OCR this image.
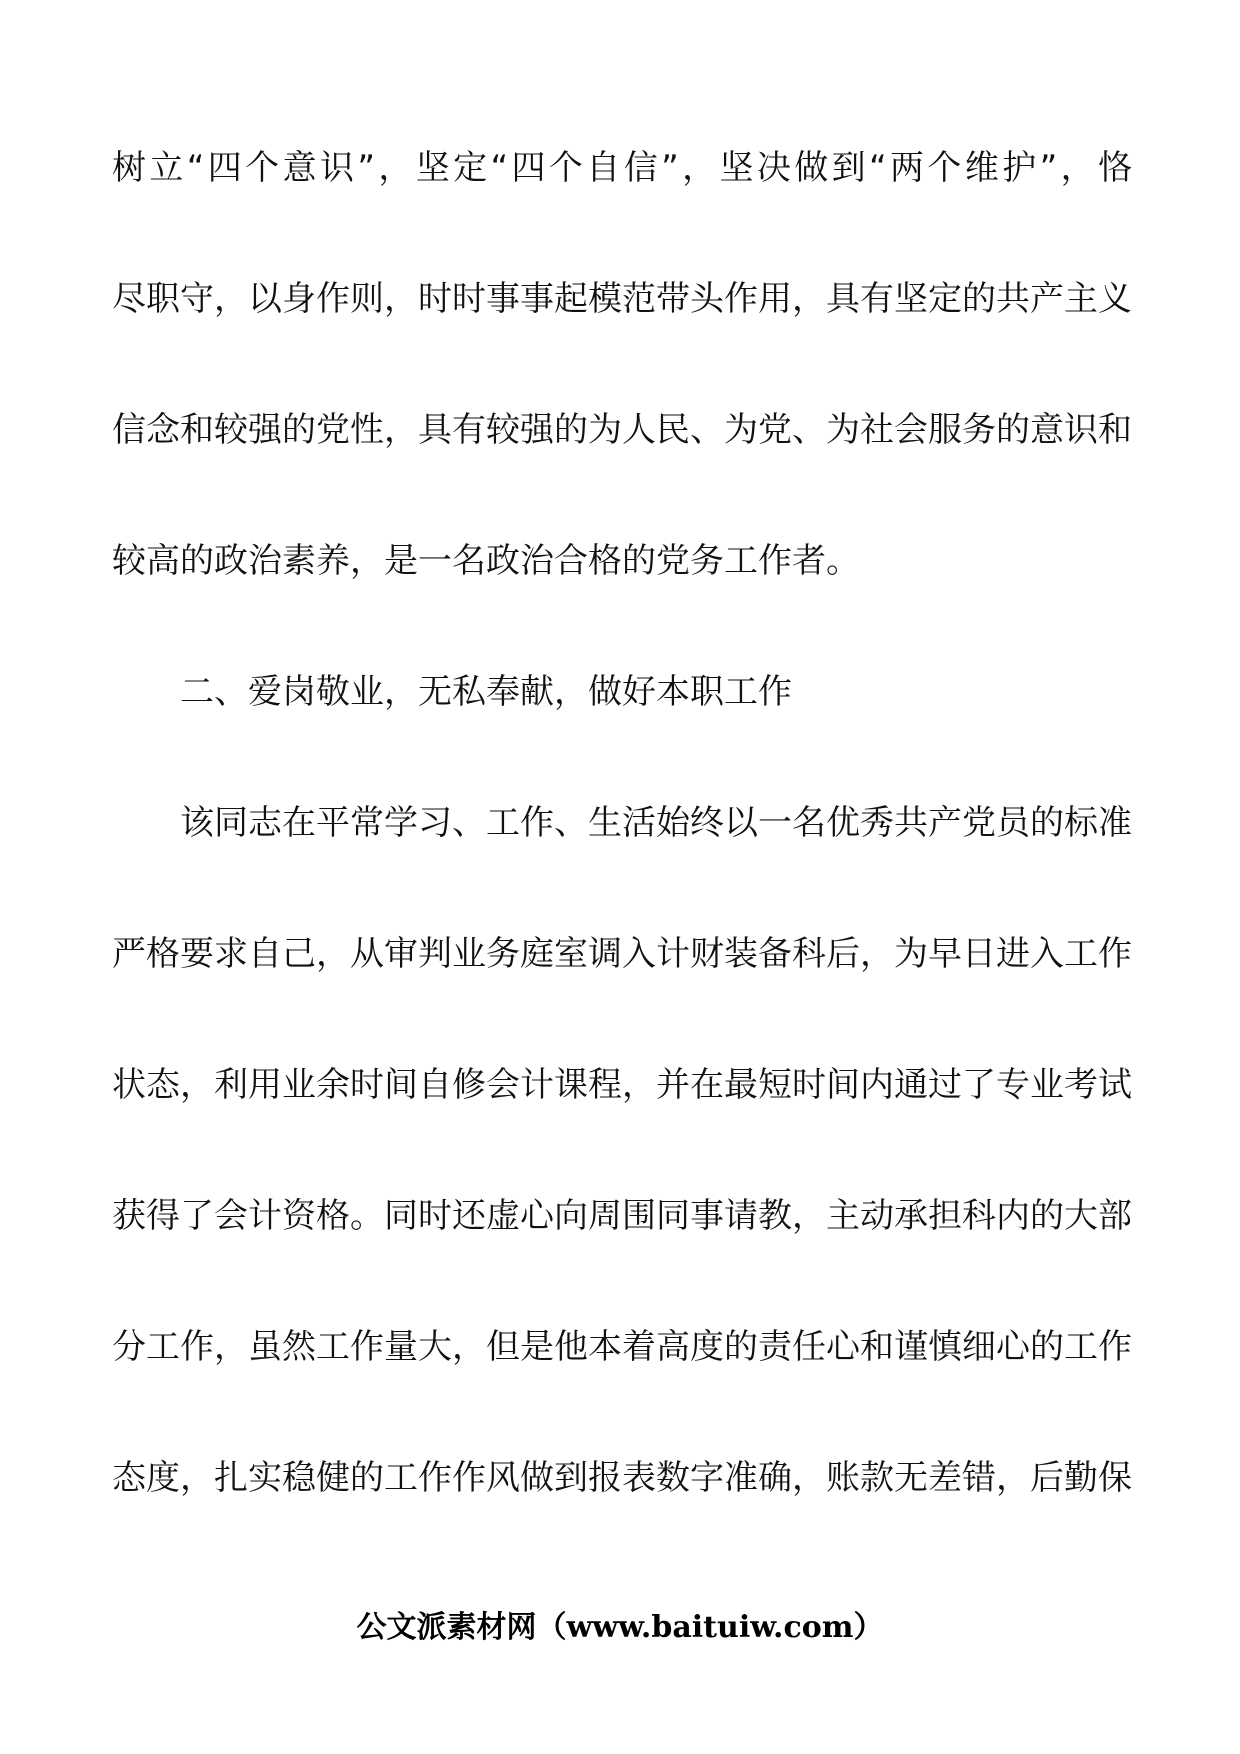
树立“四个意识”，坚定“四个自信”，坚决做到“两个维护”，恪
尽职守，以身作则，时时事事起模范带头作用，具有坚定的共产主义
信念和较强的党性，具有较强的为人民、为党、为社会服务的意识和
较高的政治素养，是一名政治合格的党务工作者。
二、爱岗敬业，无私奉献，做好本职工作
该同志在平常学习、工作、生活始终以一名优秀共产党员的标准
严格要求自己，从审判业务庭室调入计财装备科后，为早日进入工作
状态，利用业余时间自修会计课程，并在最短时间内通过了专业考试
获得了会计资格。同时还虚心向周围同事请教，主动承担科内的大部
分工作，虽然工作量大，但是他本着高度的责任心和谨慎细心的工作
态度，扎实稳健的工作作风做到报表数字准确，账款无差错，后勤保
公文派素材网（www.baituiw.com）
